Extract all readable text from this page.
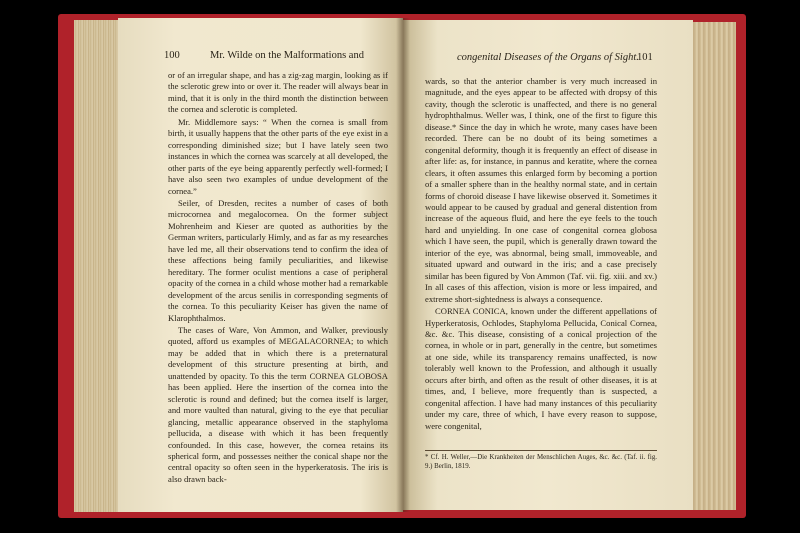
100	Mr. Wilde on the Malformations and

or of an irregular shape, and has a zig-zag margin, looking as if the sclerotic grew into or over it. The reader will always bear in mind, that it is only in the third month the distinction between the cornea and sclerotic is completed.

Mr. Middlemore says: “ When the cornea is small from birth, it usually happens that the other parts of the eye exist in a corresponding diminished size; but I have lately seen two instances in which the cornea was scarcely at all developed, the other parts of the eye being apparently perfectly well-formed; I have also seen two examples of undue development of the cornea.”

Seiler, of Dresden, recites a number of cases of both microcornea and megalocornea. On the former subject Mohrenheim and Kieser are quoted as authorities by the German writers, particularly Himly, and as far as my researches have led me, all their observations tend to confirm the idea of these affections being family peculiarities, and likewise hereditary. The former oculist mentions a case of peripheral opacity of the cornea in a child whose mother had a remarkable development of the arcus senilis in corresponding segments of the cornea. To this peculiarity Keiser has given the name of Klarophthalmos.

The cases of Ware, Von Ammon, and Walker, previously quoted, afford us examples of MEGALACORNEA; to which may be added that in which there is a preternatural development of this structure presenting at birth, and unattended by opacity. To this the term CORNEA GLOBOSA has been applied. Here the insertion of the cornea into the sclerotic is round and defined; but the cornea itself is larger, and more vaulted than natural, giving to the eye that peculiar glancing, metallic appearance observed in the staphyloma pellucida, a disease with which it has been frequently confounded. In this case, however, the cornea retains its spherical form, and possesses neither the conical shape nor the central opacity so often seen in the hyperkeratosis. The iris is also drawn back-

congenital Diseases of the Organs of Sight.
101

wards, so that the anterior chamber is very much increased in magnitude, and the eyes appear to be affected with dropsy of this cavity, though the sclerotic is unaffected, and there is no general hydrophthalmus. Weller was, I think, one of the first to figure this disease.* Since the day in which he wrote, many cases have been recorded. There can be no doubt of its being sometimes a congenital deformity, though it is frequently an effect of disease in after life: as, for instance, in pannus and keratite, where the cornea clears, it often assumes this enlarged form by becoming a portion of a smaller sphere than in the healthy normal state, and in certain forms of choroid disease I have likewise observed it. Sometimes it would appear to be caused by gradual and general distention from increase of the aqueous fluid, and here the eye feels to the touch hard and unyielding. In one case of congenital cornea globosa which I have seen, the pupil, which is generally drawn toward the interior of the eye, was abnormal, being small, immoveable, and situated upward and outward in the iris; and a case precisely similar has been figured by Von Ammon (Taf. vii. fig. xiii. and xv.) In all cases of this affection, vision is more or less impaired, and extreme short-sightedness is always a consequence.

CORNEA CONICA, known under the different appellations of Hyperkeratosis, Ochlodes, Staphyloma Pellucida, Conical Cornea, &c. &c. This disease, consisting of a conical projection of the cornea, in whole or in part, generally in the centre, but sometimes at one side, while its transparency remains unaffected, is now tolerably well known to the Profession, and although it usually occurs after birth, and often as the result of other diseases, it is at times, and, I believe, more frequently than is suspected, a congenital affection. I have had many instances of this peculiarity under my care, three of which, I have every reason to suppose, were congenital,

* Cf. H. Weller,—Die Krankheiten der Menschlichen Auges, &c. &c. (Taf. ii. fig. 9.) Berlin, 1819.
